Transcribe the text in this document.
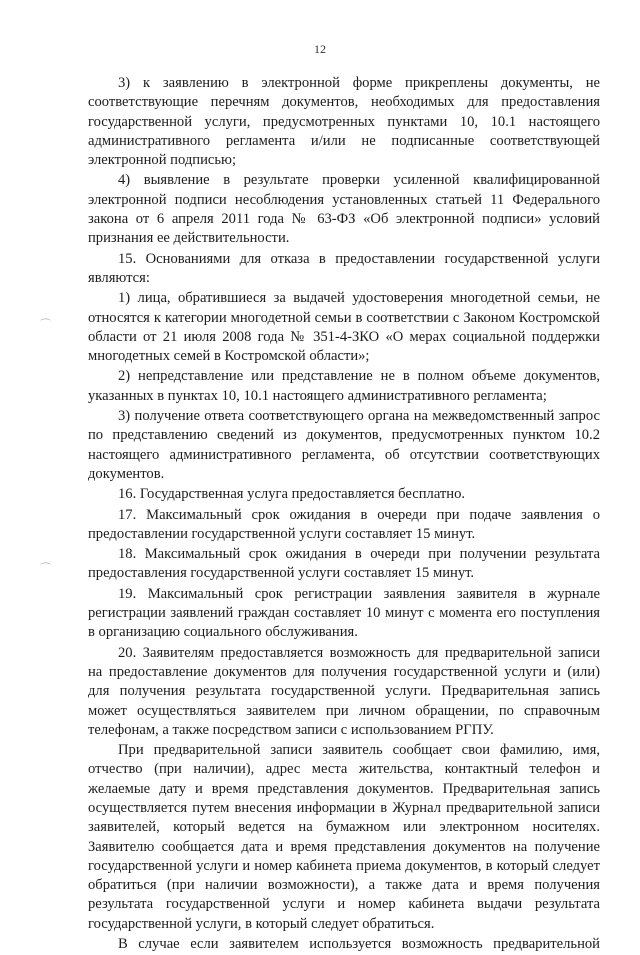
12
⌒
⌒

3) к заявлению в электронной форме прикреплены документы, не соответствующие перечням документов, необходимых для предоставления государственной услуги, предусмотренных пунктами 10, 10.1 настоящего административного регламента и/или не подписанные соответствующей электронной подписью;

4) выявление в результате проверки усиленной квалифицированной электронной подписи несоблюдения установленных статьей 11 Федерального закона от 6 апреля 2011 года № 63-ФЗ «Об электронной подписи» условий признания ее действительности.

15. Основаниями для отказа в предоставлении государственной услуги являются:

1) лица, обратившиеся за выдачей удостоверения многодетной семьи, не относятся к категории многодетной семьи в соответствии с Законом Костромской области от 21 июля 2008 года № 351-4-ЗКО «О мерах социальной поддержки многодетных семей в Костромской области»;

2) непредставление или представление не в полном объеме документов, указанных в пунктах 10, 10.1 настоящего административного регламента;

3) получение ответа соответствующего органа на межведомственный запрос по представлению сведений из документов, предусмотренных пунктом 10.2 настоящего административного регламента, об отсутствии соответствующих документов.

16. Государственная услуга предоставляется бесплатно.

17. Максимальный срок ожидания в очереди при подаче заявления о предоставлении государственной услуги составляет 15 минут.

18. Максимальный срок ожидания в очереди при получении результата предоставления государственной услуги составляет 15 минут.

19. Максимальный срок регистрации заявления заявителя в журнале регистрации заявлений граждан составляет 10 минут с момента его поступления в организацию социального обслуживания.

20. Заявителям предоставляется возможность для предварительной записи на предоставление документов для получения государственной услуги и (или) для получения результата государственной услуги. Предварительная запись может осуществляться заявителем при личном обращении, по справочным телефонам, а также посредством записи с использованием РГПУ.

При предварительной записи заявитель сообщает свои фамилию, имя, отчество (при наличии), адрес места жительства, контактный телефон и желаемые дату и время представления документов. Предварительная запись осуществляется путем внесения информации в Журнал предварительной записи заявителей, который ведется на бумажном или электронном носителях. Заявителю сообщается дата и время представления документов на получение государственной услуги и номер кабинета приема документов, в который следует обратиться (при наличии возможности), а также дата и время получения результата государственной услуги и номер кабинета выдачи результата государственной услуги, в который следует обратиться.

В случае если заявителем используется возможность предварительной
